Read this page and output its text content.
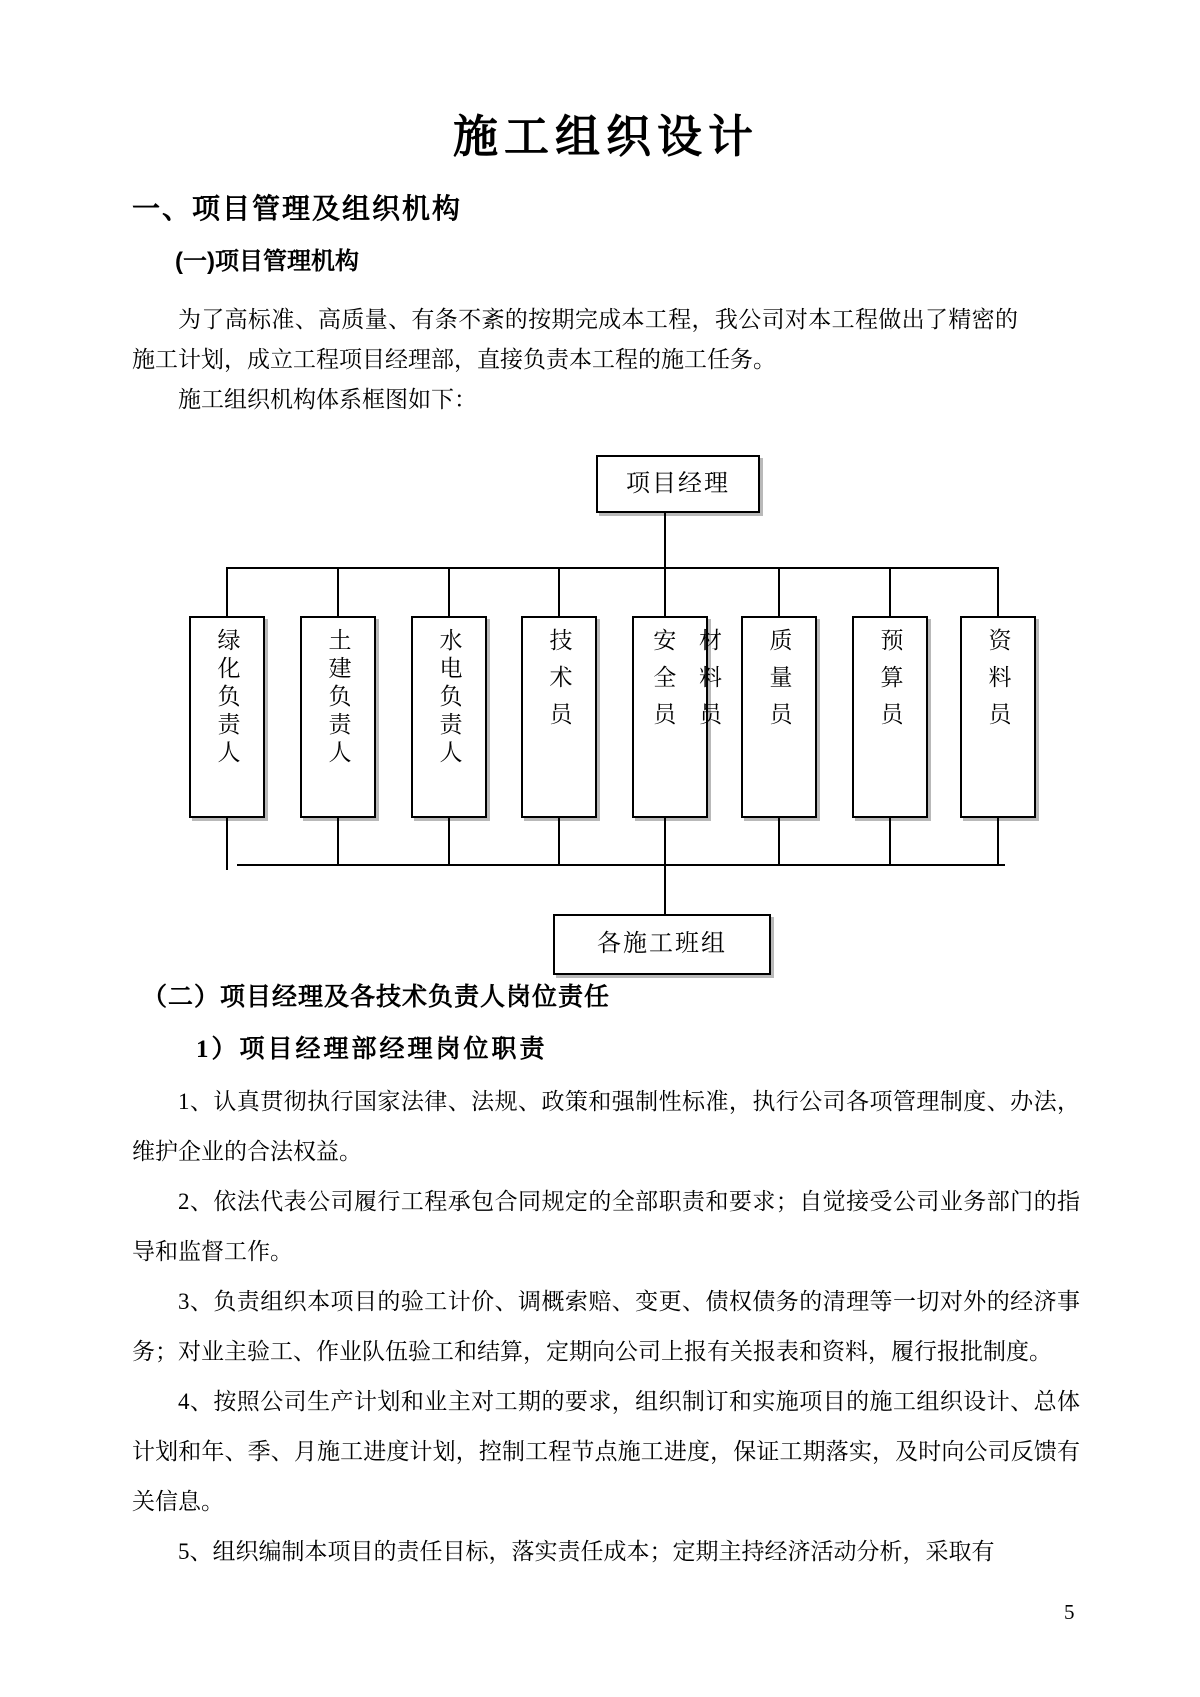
施工组织设计
一、项目管理及组织机构
(一)项目管理机构

为了高标准、高质量、有条不紊的按期完成本工程，我公司对本工程做出了精密的施工计划，成立工程项目经理部，直接负责本工程的施工任务。

施工组织机构体系框图如下：

项目经理
绿化负责人	土建负责人	水电负责人	技术员	安全员 材料员 质量员	预算员	资料员
各施工班组
（二）项目经理及各技术负责人岗位责任
1）项目经理部经理岗位职责

1、认真贯彻执行国家法律、法规、政策和强制性标准，执行公司各项管理制度、办法，维护企业的合法权益。

2、依法代表公司履行工程承包合同规定的全部职责和要求；自觉接受公司业务部门的指导和监督工作。

3、负责组织本项目的验工计价、调概索赔、变更、债权债务的清理等一切对外的经济事务；对业主验工、作业队伍验工和结算，定期向公司上报有关报表和资料，履行报批制度。

4、按照公司生产计划和业主对工期的要求，组织制订和实施项目的施工组织设计、总体计划和年、季、月施工进度计划，控制工程节点施工进度，保证工期落实，及时向公司反馈有关信息。

5、组织编制本项目的责任目标，落实责任成本；定期主持经济活动分析，采取有

5
